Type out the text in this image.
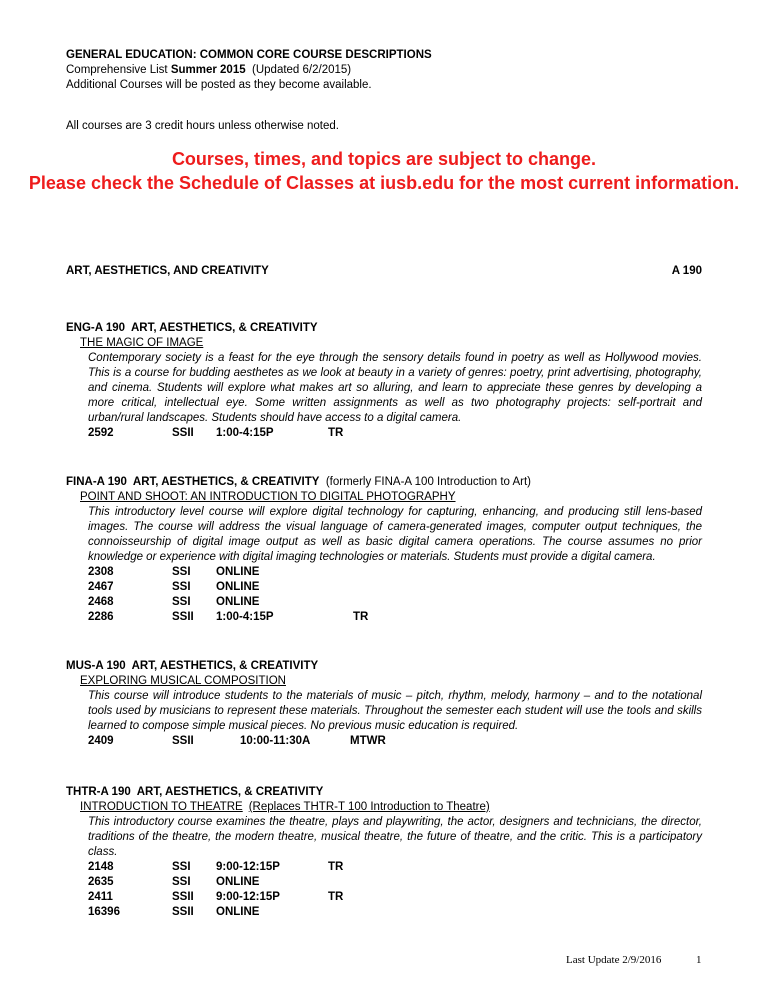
GENERAL EDUCATION: COMMON CORE COURSE DESCRIPTIONS
Comprehensive List Summer 2015  (Updated 6/2/2015)
Additional Courses will be posted as they become available.
All courses are 3 credit hours unless otherwise noted.
Courses, times, and topics are subject to change.
Please check the Schedule of Classes at iusb.edu for the most current information.
ART, AESTHETICS, AND CREATIVITY	A 190
ENG-A 190  ART, AESTHETICS, & CREATIVITY
THE MAGIC OF IMAGE
Contemporary society is a feast for the eye through the sensory details found in poetry as well as Hollywood movies. This is a course for budding aesthetes as we look at beauty in a variety of genres: poetry, print advertising, photography, and cinema. Students will explore what makes art so alluring, and learn to appreciate these genres by developing a more critical, intellectual eye. Some written assignments as well as two photography projects: self-portrait and urban/rural landscapes. Students should have access to a digital camera.
2592	SSII 1:00-4:15P	TR
FINA-A 190  ART, AESTHETICS, & CREATIVITY  (formerly FINA-A 100 Introduction to Art)
POINT AND SHOOT: AN INTRODUCTION TO DIGITAL PHOTOGRAPHY
This introductory level course will explore digital technology for capturing, enhancing, and producing still lens-based images. The course will address the visual language of camera-generated images, computer output techniques, the connoisseurship of digital image output as well as basic digital camera operations. The course assumes no prior knowledge or experience with digital imaging technologies or materials. Students must provide a digital camera.
2308	SSI ONLINE
2467	SSI ONLINE
2468	SSI ONLINE
2286	SSII 1:00-4:15P	TR
MUS-A 190  ART, AESTHETICS, & CREATIVITY
EXPLORING MUSICAL COMPOSITION
This course will introduce students to the materials of music – pitch, rhythm, melody, harmony – and to the notational tools used by musicians to represent these materials. Throughout the semester each student will use the tools and skills learned to compose simple musical pieces. No previous music education is required.
2409	SSII	10:00-11:30A	MTWR
THTR-A 190  ART, AESTHETICS, & CREATIVITY
INTRODUCTION TO THEATRE (Replaces THTR-T 100 Introduction to Theatre)
This introductory course examines the theatre, plays and playwriting, the actor, designers and technicians, the director, traditions of the theatre, the modern theatre, musical theatre, the future of theatre, and the critic. This is a participatory class.
2148	SSI 9:00-12:15P	TR
2635	SSI ONLINE
2411	SSII 9:00-12:15P	TR
16396	SSII ONLINE
Last Update 2/9/2016	1
